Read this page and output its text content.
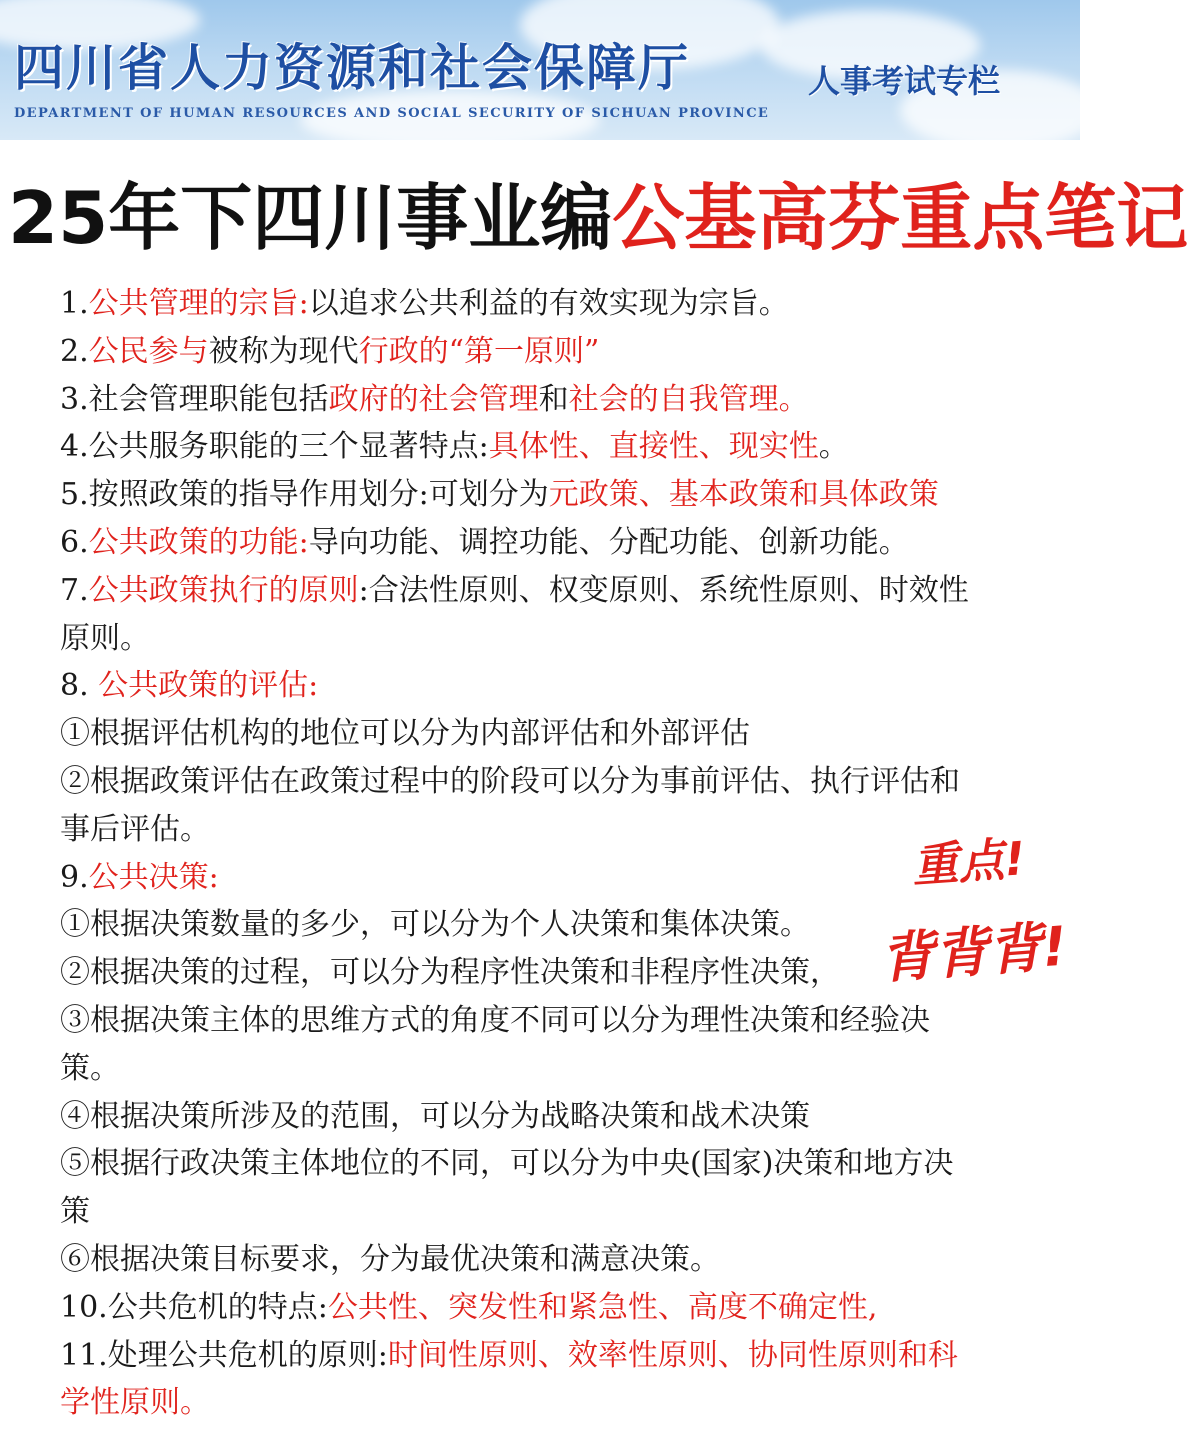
四川省人力资源和社会保障厅
DEPARTMENT OF HUMAN RESOURCES AND SOCIAL SECURITY OF SICHUAN PROVINCE
人事考试专栏
25年下四川事业编公基高芬重点笔记
1.公共管理的宗旨:以追求公共利益的有效实现为宗旨。
2.公民参与被称为现代行政的“第一原则”
3.社会管理职能包括政府的社会管理和社会的自我管理。
4.公共服务职能的三个显著特点:具体性、直接性、现实性。
5.按照政策的指导作用划分:可划分为元政策、基本政策和具体政策
6.公共政策的功能:导向功能、调控功能、分配功能、创新功能。
7.公共政策执行的原则:合法性原则、权变原则、系统性原则、时效性
原则。
8. 公共政策的评估:
①根据评估机构的地位可以分为内部评估和外部评估
②根据政策评估在政策过程中的阶段可以分为事前评估、执行评估和
事后评估。
9.公共决策:
①根据决策数量的多少，可以分为个人决策和集体决策。
②根据决策的过程，可以分为程序性决策和非程序性决策，
③根据决策主体的思维方式的角度不同可以分为理性决策和经验决
策。
④根据决策所涉及的范围，可以分为战略决策和战术决策
⑤根据行政决策主体地位的不同，可以分为中央(国家)决策和地方决
策
⑥根据决策目标要求，分为最优决策和满意决策。
10.公共危机的特点:公共性、突发性和紧急性、高度不确定性,
11.处理公共危机的原则:时间性原则、效率性原则、协同性原则和科
学性原则。
重点!
背背背!
